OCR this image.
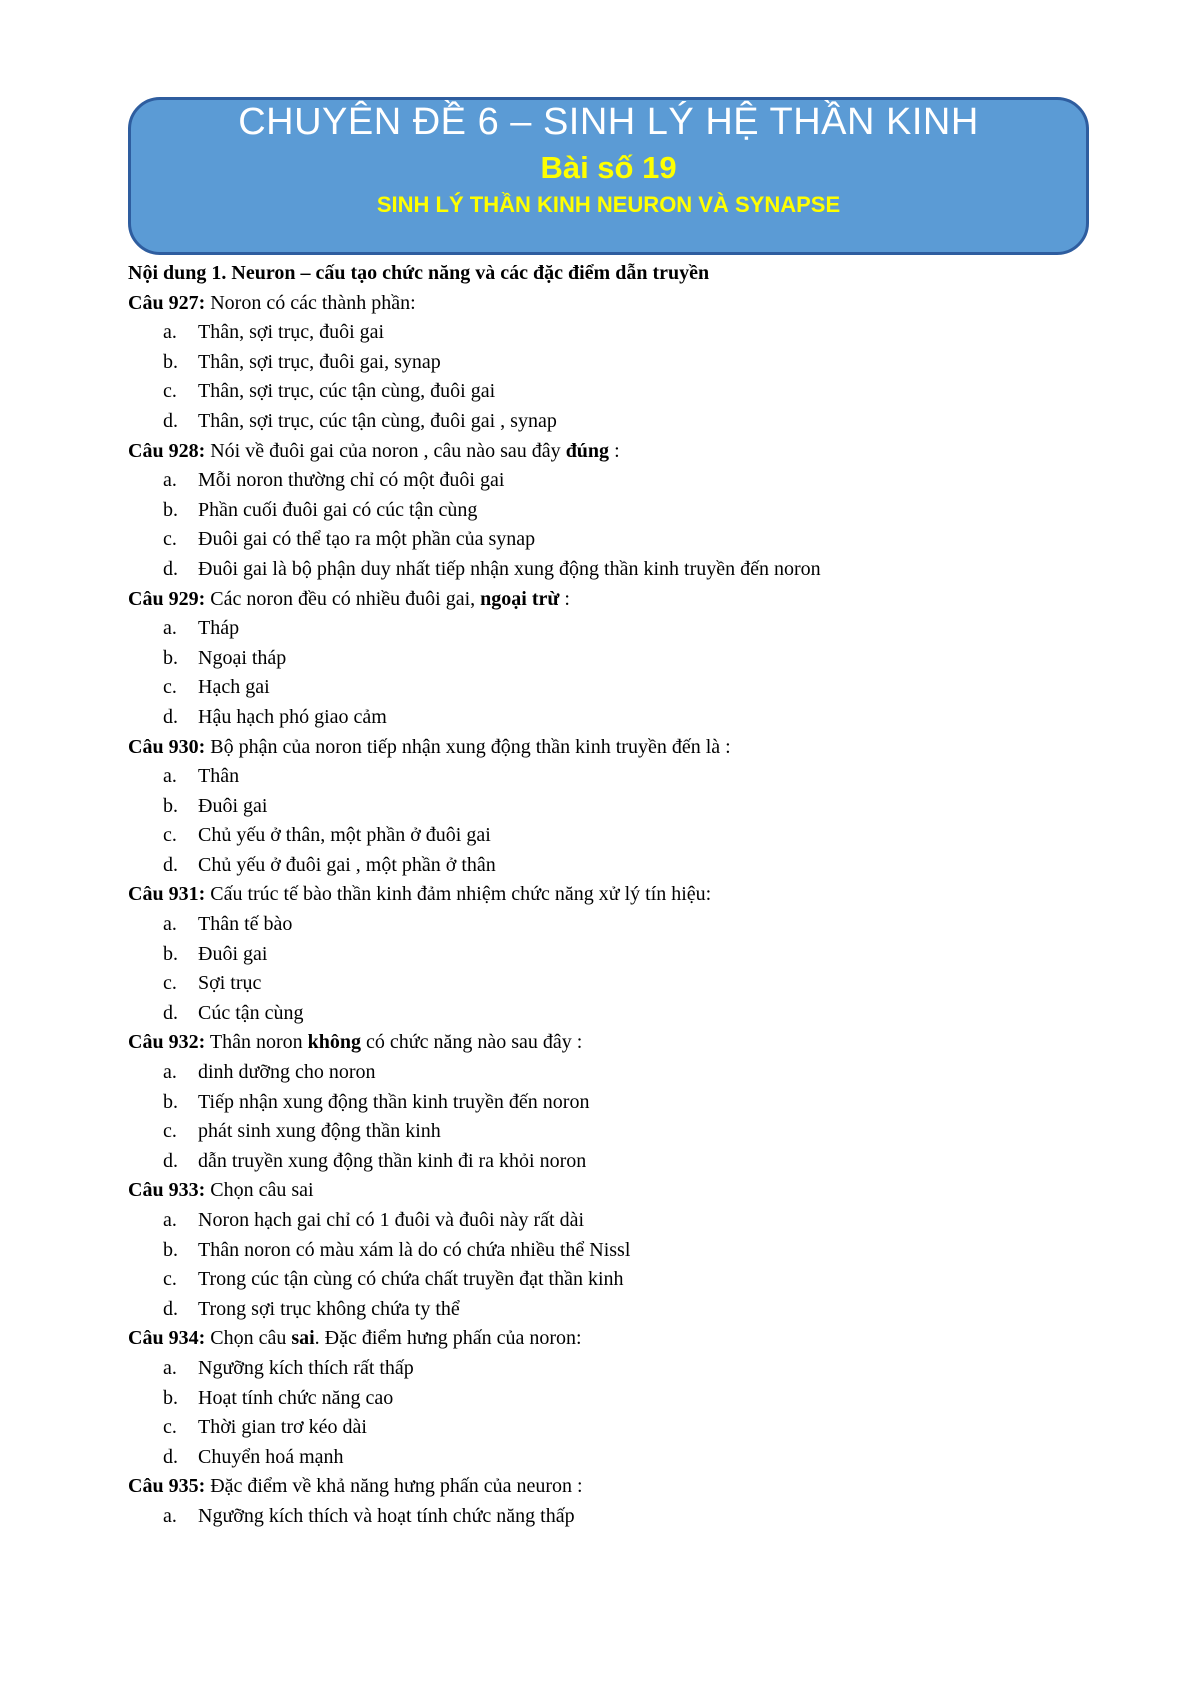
CHUYÊN ĐỀ 6 – SINH LÝ HỆ THẦN KINH
Bài số 19
SINH LÝ THẦN KINH NEURON VÀ SYNAPSE
Nội dung 1. Neuron – cấu tạo chức năng và các đặc điểm dẫn truyền
Câu 927: Noron có các thành phần:
a. Thân, sợi trục, đuôi gai
b. Thân, sợi trục, đuôi gai, synap
c. Thân, sợi trục, cúc tận cùng, đuôi gai
d. Thân, sợi trục, cúc tận cùng, đuôi gai , synap
Câu 928: Nói về đuôi gai của noron , câu nào sau đây đúng :
a. Mỗi noron thường chỉ có một đuôi gai
b. Phần cuối đuôi gai có cúc tận cùng
c. Đuôi gai có thể tạo ra một phần của synap
d. Đuôi gai là bộ phận duy nhất tiếp nhận xung động thần kinh truyền đến noron
Câu 929: Các noron đều có nhiều đuôi gai, ngoại trừ :
a. Tháp
b. Ngoại tháp
c. Hạch gai
d. Hậu hạch phó giao cảm
Câu 930: Bộ phận của noron tiếp nhận xung động thần kinh truyền đến là :
a. Thân
b. Đuôi gai
c. Chủ yếu ở thân, một phần ở đuôi gai
d. Chủ yếu ở đuôi gai , một phần ở thân
Câu 931: Cấu trúc tế bào thần kinh đảm nhiệm chức năng xử lý tín hiệu:
a. Thân tế bào
b. Đuôi gai
c. Sợi trục
d. Cúc tận cùng
Câu 932: Thân noron không có chức năng nào sau đây :
a. dinh dưỡng cho noron
b. Tiếp nhận xung động thần kinh truyền đến noron
c. phát sinh xung động thần kinh
d. dẫn truyền xung động thần kinh đi ra khỏi noron
Câu 933: Chọn câu sai
a. Noron hạch gai chỉ có 1 đuôi và đuôi này rất dài
b. Thân noron có màu xám là do có chứa nhiều thể Nissl
c. Trong cúc tận cùng có chứa chất truyền đạt thần kinh
d. Trong sợi trục không chứa ty thể
Câu 934: Chọn câu sai. Đặc điểm hưng phấn của noron:
a. Ngưỡng kích thích rất thấp
b. Hoạt tính chức năng cao
c. Thời gian trơ kéo dài
d. Chuyển hoá mạnh
Câu 935: Đặc điểm về khả năng hưng phấn của neuron :
a. Ngưỡng kích thích và hoạt tính chức năng thấp
